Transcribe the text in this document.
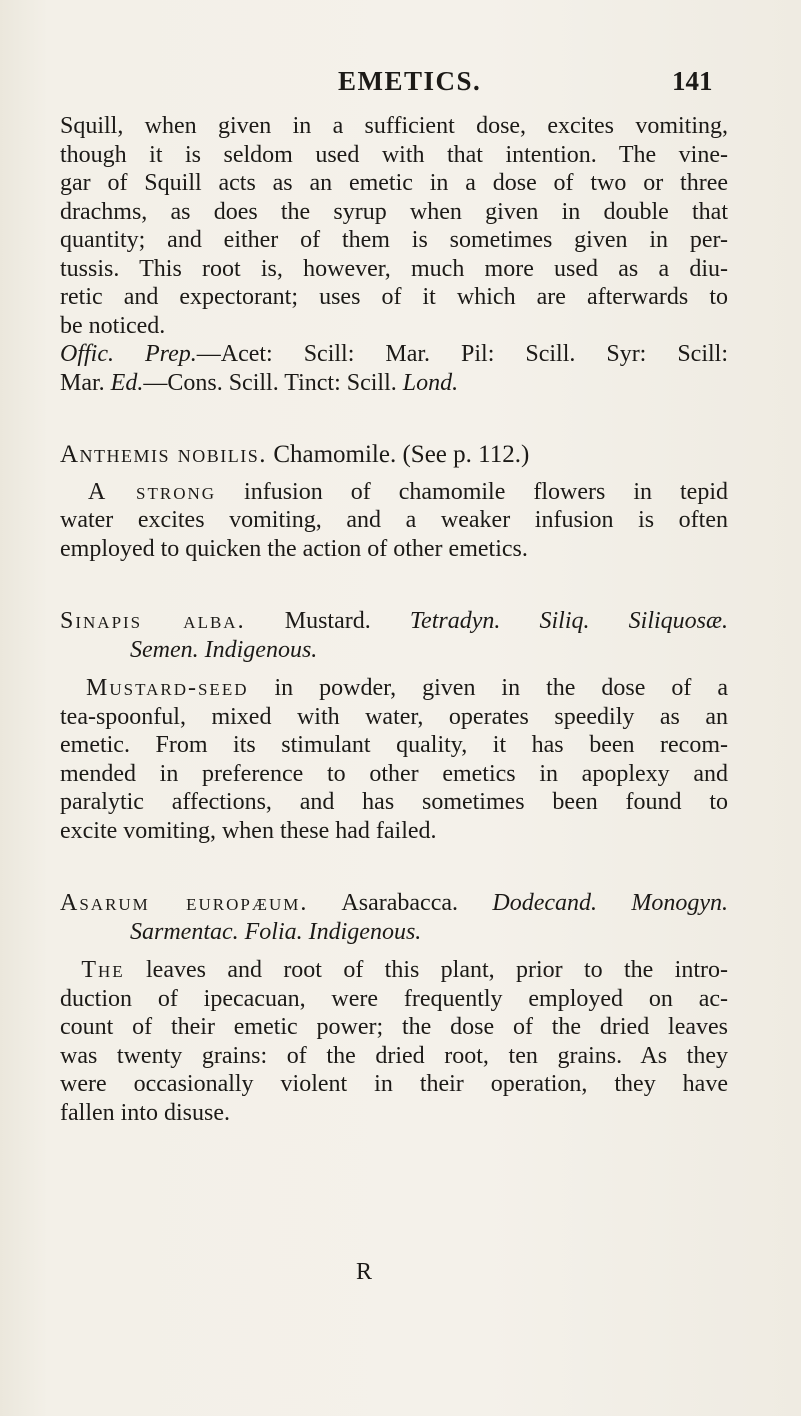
EMETICS.	141
Squill, when given in a sufficient dose, excites vomiting,
though it is seldom used with that intention. The vine-
gar of Squill acts as an emetic in a dose of two or three
drachms, as does the syrup when given in double that
quantity; and either of them is sometimes given in per-
tussis. This root is, however, much more used as a diu-
retic and expectorant; uses of it which are afterwards to
be noticed.
Offic. Prep.—Acet: Scill: Mar. Pil: Scill. Syr: Scill:
Mar. Ed.—Cons. Scill. Tinct: Scill. Lond.
Anthemis nobilis. Chamomile. (See p. 112.)
A strong infusion of chamomile flowers in tepid
water excites vomiting, and a weaker infusion is often
employed to quicken the action of other emetics.
Sinapis alba. Mustard. Tetradyn. Siliq. Siliquosæ.
Semen. Indigenous.
Mustard-seed in powder, given in the dose of a
tea-spoonful, mixed with water, operates speedily as an
emetic. From its stimulant quality, it has been recom-
mended in preference to other emetics in apoplexy and
paralytic affections, and has sometimes been found to
excite vomiting, when these had failed.
Asarum europæum. Asarabacca. Dodecand. Monogyn.
Sarmentac. Folia. Indigenous.
The leaves and root of this plant, prior to the intro-
duction of ipecacuan, were frequently employed on ac-
count of their emetic power; the dose of the dried leaves
was twenty grains: of the dried root, ten grains. As they
were occasionally violent in their operation, they have
fallen into disuse.
R
